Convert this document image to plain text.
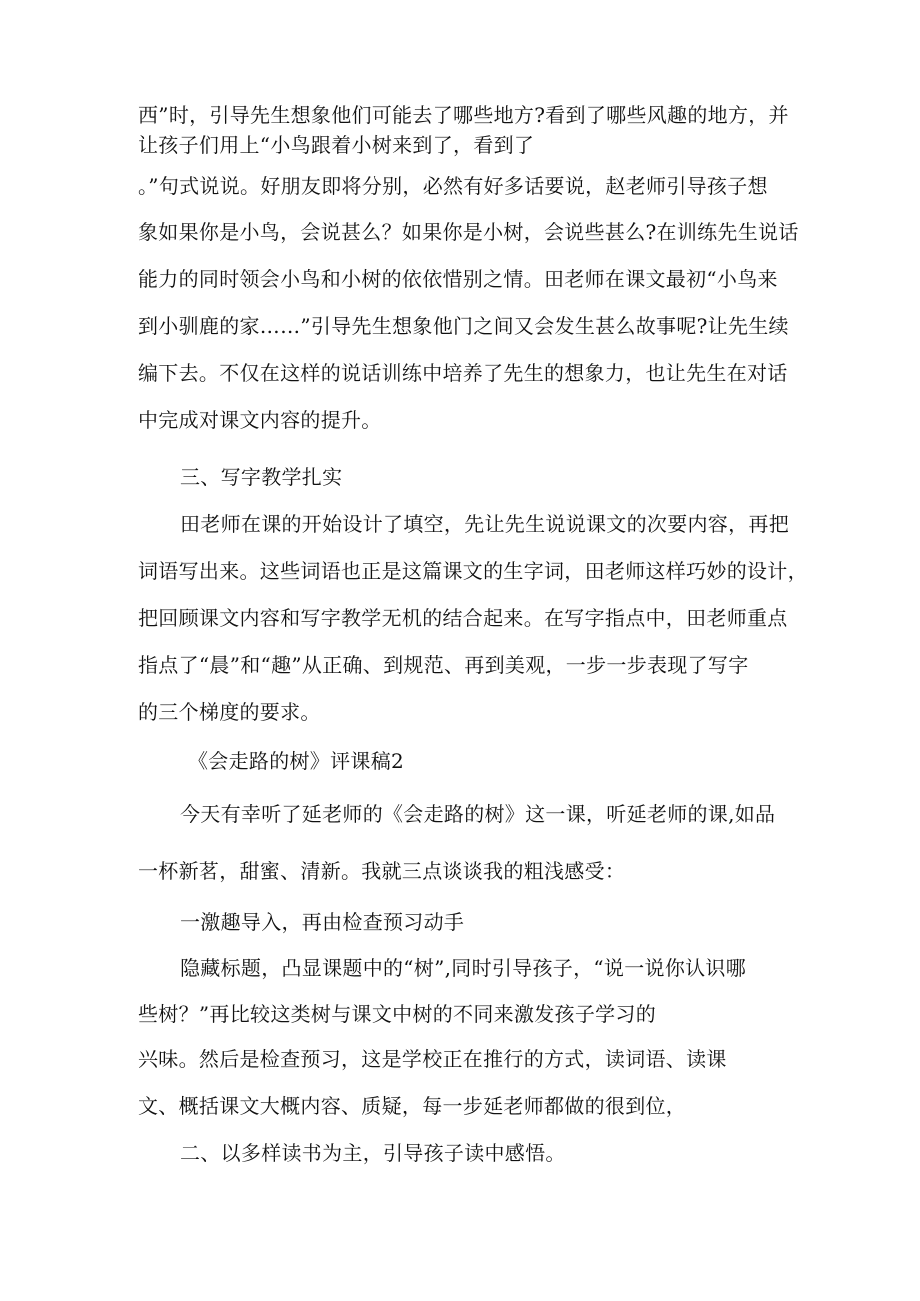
西”时，引导先生想象他们可能去了哪些地方?看到了哪些风趣的地方，并
让孩子们用上“小鸟跟着小树来到了，看到了
。”句式说说。好朋友即将分别，必然有好多话要说，赵老师引导孩子想
象如果你是小鸟，会说甚么？如果你是小树，会说些甚么?在训练先生说话
能力的同时领会小鸟和小树的依依惜别之情。田老师在课文最初“小鸟来
到小驯鹿的家……”引导先生想象他门之间又会发生甚么故事呢?让先生续
编下去。不仅在这样的说话训练中培养了先生的想象力，也让先生在对话
中完成对课文内容的提升。
三、写字教学扎实
田老师在课的开始设计了填空，先让先生说说课文的次要内容，再把
词语写出来。这些词语也正是这篇课文的生字词，田老师这样巧妙的设计，
把回顾课文内容和写字教学无机的结合起来。在写字指点中，田老师重点
指点了“晨”和“趣”从正确、到规范、再到美观，一步一步表现了写字
的三个梯度的要求。
《会走路的树》评课稿2
今天有幸听了延老师的《会走路的树》这一课，听延老师的课,如品
一杯新茗，甜蜜、清新。我就三点谈谈我的粗浅感受：
一激趣导入，再由检查预习动手
隐藏标题，凸显课题中的“树”,同时引导孩子，“说一说你认识哪
些树？”再比较这类树与课文中树的不同来激发孩子学习的
兴味。然后是检查预习，这是学校正在推行的方式，读词语、读课
文、概括课文大概内容、质疑，每一步延老师都做的很到位，
二、以多样读书为主，引导孩子读中感悟。
